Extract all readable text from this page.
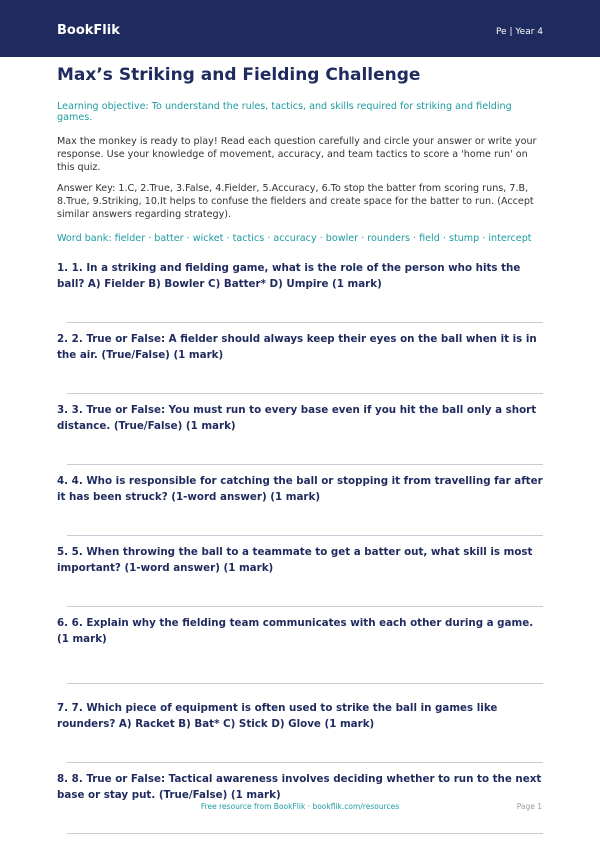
BookFlik	Pe | Year 4
Max’s Striking and Fielding Challenge
Learning objective: To understand the rules, tactics, and skills required for striking and fielding games.
Max the monkey is ready to play! Read each question carefully and circle your answer or write your response. Use your knowledge of movement, accuracy, and team tactics to score a 'home run' on this quiz.
Answer Key: 1.C, 2.True, 3.False, 4.Fielder, 5.Accuracy, 6.To stop the batter from scoring runs, 7.B, 8.True, 9.Striking, 10.It helps to confuse the fielders and create space for the batter to run. (Accept similar answers regarding strategy).
Word bank: fielder · batter · wicket · tactics · accuracy · bowler · rounders · field · stump · intercept
1. 1. In a striking and fielding game, what is the role of the person who hits the ball? A) Fielder B) Bowler C) Batter* D) Umpire (1 mark)
2. 2. True or False: A fielder should always keep their eyes on the ball when it is in the air. (True/False) (1 mark)
3. 3. True or False: You must run to every base even if you hit the ball only a short distance. (True/False) (1 mark)
4. 4. Who is responsible for catching the ball or stopping it from travelling far after it has been struck? (1-word answer) (1 mark)
5. 5. When throwing the ball to a teammate to get a batter out, what skill is most important? (1-word answer) (1 mark)
6. 6. Explain why the fielding team communicates with each other during a game. (1 mark)
7. 7. Which piece of equipment is often used to strike the ball in games like rounders? A) Racket B) Bat* C) Stick D) Glove (1 mark)
8. 8. True or False: Tactical awareness involves deciding whether to run to the next base or stay put. (True/False) (1 mark)
Free resource from BookFlik · bookflik.com/resources	Page 1
